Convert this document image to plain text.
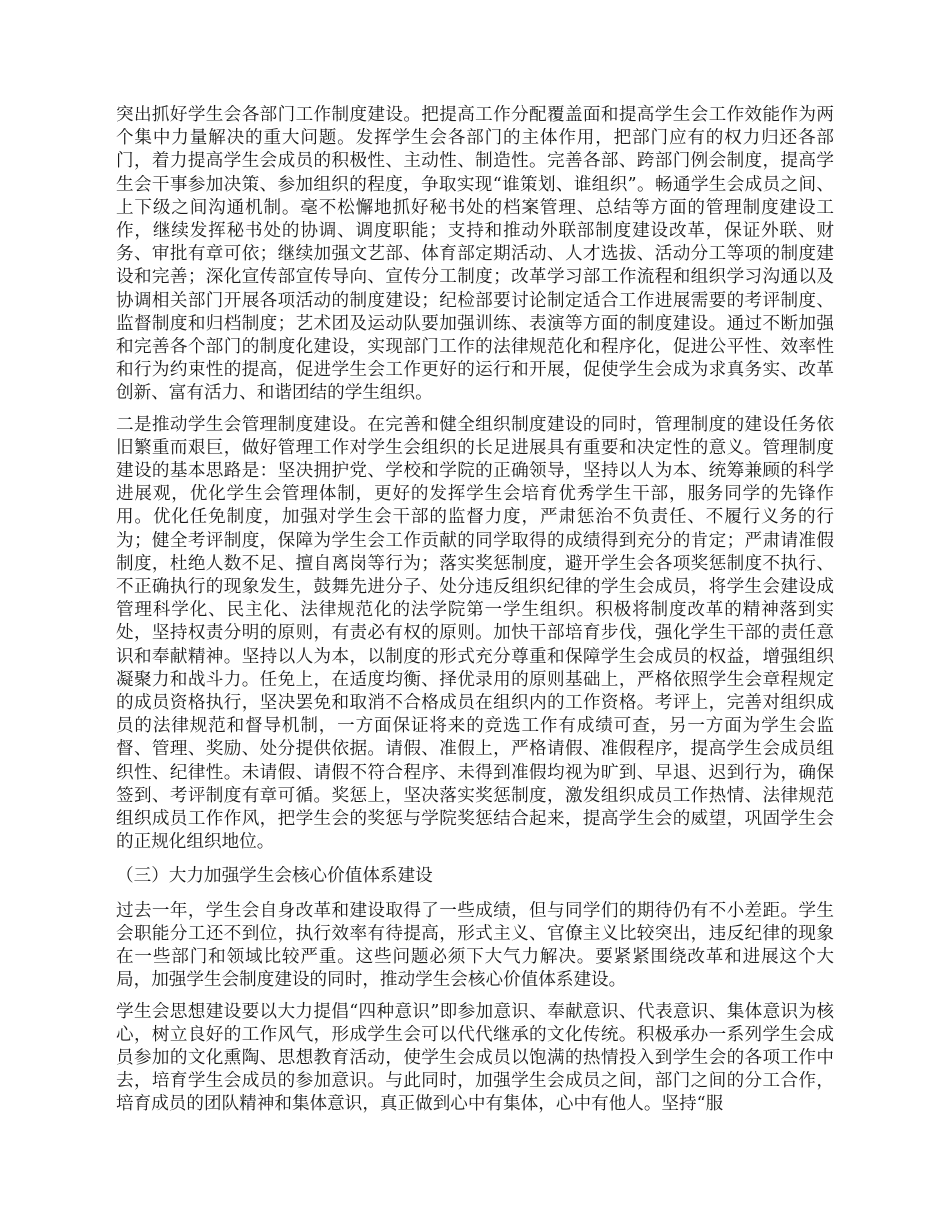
突出抓好学生会各部门工作制度建设。把提高工作分配覆盖面和提高学生会工作效能作为两个集中力量解决的重大问题。发挥学生会各部门的主体作用，把部门应有的权力归还各部门，着力提高学生会成员的积极性、主动性、制造性。完善各部、跨部门例会制度，提高学生会干事参加决策、参加组织的程度，争取实现“谁策划、谁组织”。畅通学生会成员之间、上下级之间沟通机制。毫不松懈地抓好秘书处的档案管理、总结等方面的管理制度建设工作，继续发挥秘书处的协调、调度职能；支持和推动外联部制度建设改革，保证外联、财务、审批有章可依；继续加强文艺部、体育部定期活动、人才选拔、活动分工等项的制度建设和完善；深化宣传部宣传导向、宣传分工制度；改革学习部工作流程和组织学习沟通以及协调相关部门开展各项活动的制度建设；纪检部要讨论制定适合工作进展需要的考评制度、监督制度和归档制度；艺术团及运动队要加强训练、表演等方面的制度建设。通过不断加强和完善各个部门的制度化建设，实现部门工作的法律规范化和程序化，促进公平性、效率性和行为约束性的提高，促进学生会工作更好的运行和开展，促使学生会成为求真务实、改革创新、富有活力、和谐团结的学生组织。

二是推动学生会管理制度建设。在完善和健全组织制度建设的同时，管理制度的建设任务依旧繁重而艰巨，做好管理工作对学生会组织的长足进展具有重要和决定性的意义。管理制度建设的基本思路是：坚决拥护党、学校和学院的正确领导，坚持以人为本、统筹兼顾的科学进展观，优化学生会管理体制，更好的发挥学生会培育优秀学生干部，服务同学的先锋作用。优化任免制度，加强对学生会干部的监督力度，严肃惩治不负责任、不履行义务的行为；健全考评制度，保障为学生会工作贡献的同学取得的成绩得到充分的肯定；严肃请准假制度，杜绝人数不足、擅自离岗等行为；落实奖惩制度，避开学生会各项奖惩制度不执行、不正确执行的现象发生，鼓舞先进分子、处分违反组织纪律的学生会成员，将学生会建设成管理科学化、民主化、法律规范化的法学院第一学生组织。积极将制度改革的精神落到实处，坚持权责分明的原则，有责必有权的原则。加快干部培育步伐，强化学生干部的责任意识和奉献精神。坚持以人为本，以制度的形式充分尊重和保障学生会成员的权益，增强组织凝聚力和战斗力。任免上，在适度均衡、择优录用的原则基础上，严格依照学生会章程规定的成员资格执行，坚决罢免和取消不合格成员在组织内的工作资格。考评上，完善对组织成员的法律规范和督导机制，一方面保证将来的竞选工作有成绩可查，另一方面为学生会监督、管理、奖励、处分提供依据。请假、准假上，严格请假、准假程序，提高学生会成员组织性、纪律性。未请假、请假不符合程序、未得到准假均视为旷到、早退、迟到行为，确保签到、考评制度有章可循。奖惩上，坚决落实奖惩制度，激发组织成员工作热情、法律规范组织成员工作作风，把学生会的奖惩与学院奖惩结合起来，提高学生会的威望，巩固学生会的正规化组织地位。

（三）大力加强学生会核心价值体系建设

过去一年，学生会自身改革和建设取得了一些成绩，但与同学们的期待仍有不小差距。学生会职能分工还不到位，执行效率有待提高，形式主义、官僚主义比较突出，违反纪律的现象在一些部门和领域比较严重。这些问题必须下大气力解决。要紧紧围绕改革和进展这个大局，加强学生会制度建设的同时，推动学生会核心价值体系建设。

学生会思想建设要以大力提倡“四种意识”即参加意识、奉献意识、代表意识、集体意识为核心，树立良好的工作风气，形成学生会可以代代继承的文化传统。积极承办一系列学生会成员参加的文化熏陶、思想教育活动，使学生会成员以饱满的热情投入到学生会的各项工作中去，培育学生会成员的参加意识。与此同时，加强学生会成员之间，部门之间的分工合作，培育成员的团队精神和集体意识，真正做到心中有集体，心中有他人。坚持“服
